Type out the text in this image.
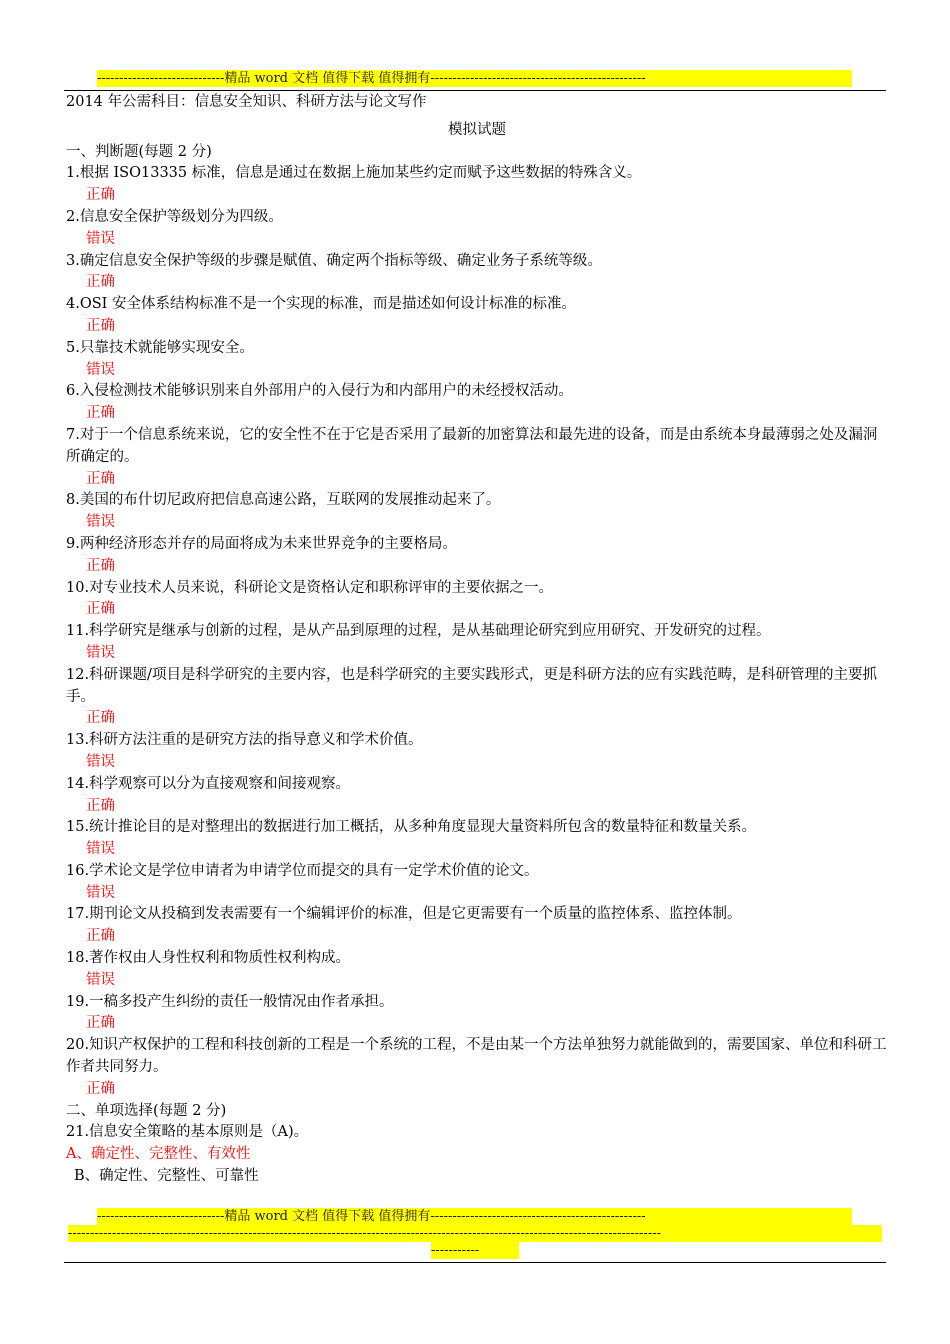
-----------------------------精品 word 文档 值得下载 值得拥有-------------------------------------------------

2014 年公需科目：信息安全知识、科研方法与论文写作

模拟试题

一、判断题(每题 2 分)

1.根据 ISO13335 标准，信息是通过在数据上施加某些约定而赋予这些数据的特殊含义。

正确

2.信息安全保护等级划分为四级。

错误

3.确定信息安全保护等级的步骤是赋值、确定两个指标等级、确定业务子系统等级。

正确

4.OSI 安全体系结构标准不是一个实现的标准，而是描述如何设计标准的标准。

正确

5.只靠技术就能够实现安全。

错误

6.入侵检测技术能够识别来自外部用户的入侵行为和内部用户的未经授权活动。

正确

7.对于一个信息系统来说，它的安全性不在于它是否采用了最新的加密算法和最先进的设备，而是由系统本身最薄弱之处及漏洞所确定的。

正确

8.美国的布什切尼政府把信息高速公路，互联网的发展推动起来了。

错误

9.两种经济形态并存的局面将成为未来世界竞争的主要格局。

正确

10.对专业技术人员来说，科研论文是资格认定和职称评审的主要依据之一。

正确

11.科学研究是继承与创新的过程，是从产品到原理的过程，是从基础理论研究到应用研究、开发研究的过程。

错误

12.科研课题/项目是科学研究的主要内容，也是科学研究的主要实践形式，更是科研方法的应有实践范畴，是科研管理的主要抓手。

正确

13.科研方法注重的是研究方法的指导意义和学术价值。

错误

14.科学观察可以分为直接观察和间接观察。

正确

15.统计推论目的是对整理出的数据进行加工概括，从多种角度显现大量资料所包含的数量特征和数量关系。

错误

16.学术论文是学位申请者为申请学位而提交的具有一定学术价值的论文。

错误

17.期刊论文从投稿到发表需要有一个编辑评价的标准，但是它更需要有一个质量的监控体系、监控体制。

正确

18.著作权由人身性权利和物质性权利构成。

错误

19.一稿多投产生纠纷的责任一般情况由作者承担。

正确

20.知识产权保护的工程和科技创新的工程是一个系统的工程，不是由某一个方法单独努力就能做到的，需要国家、单位和科研工作者共同努力。

正确

二、单项选择(每题 2 分)

21.信息安全策略的基本原则是（A)。

A、确定性、完整性、有效性

B、确定性、完整性、可靠性

-----------------------------精品 word 文档 值得下载 值得拥有-------------------------------------------------
---------------------------------------------------------------------------------------------------------------------------------------
-----------
